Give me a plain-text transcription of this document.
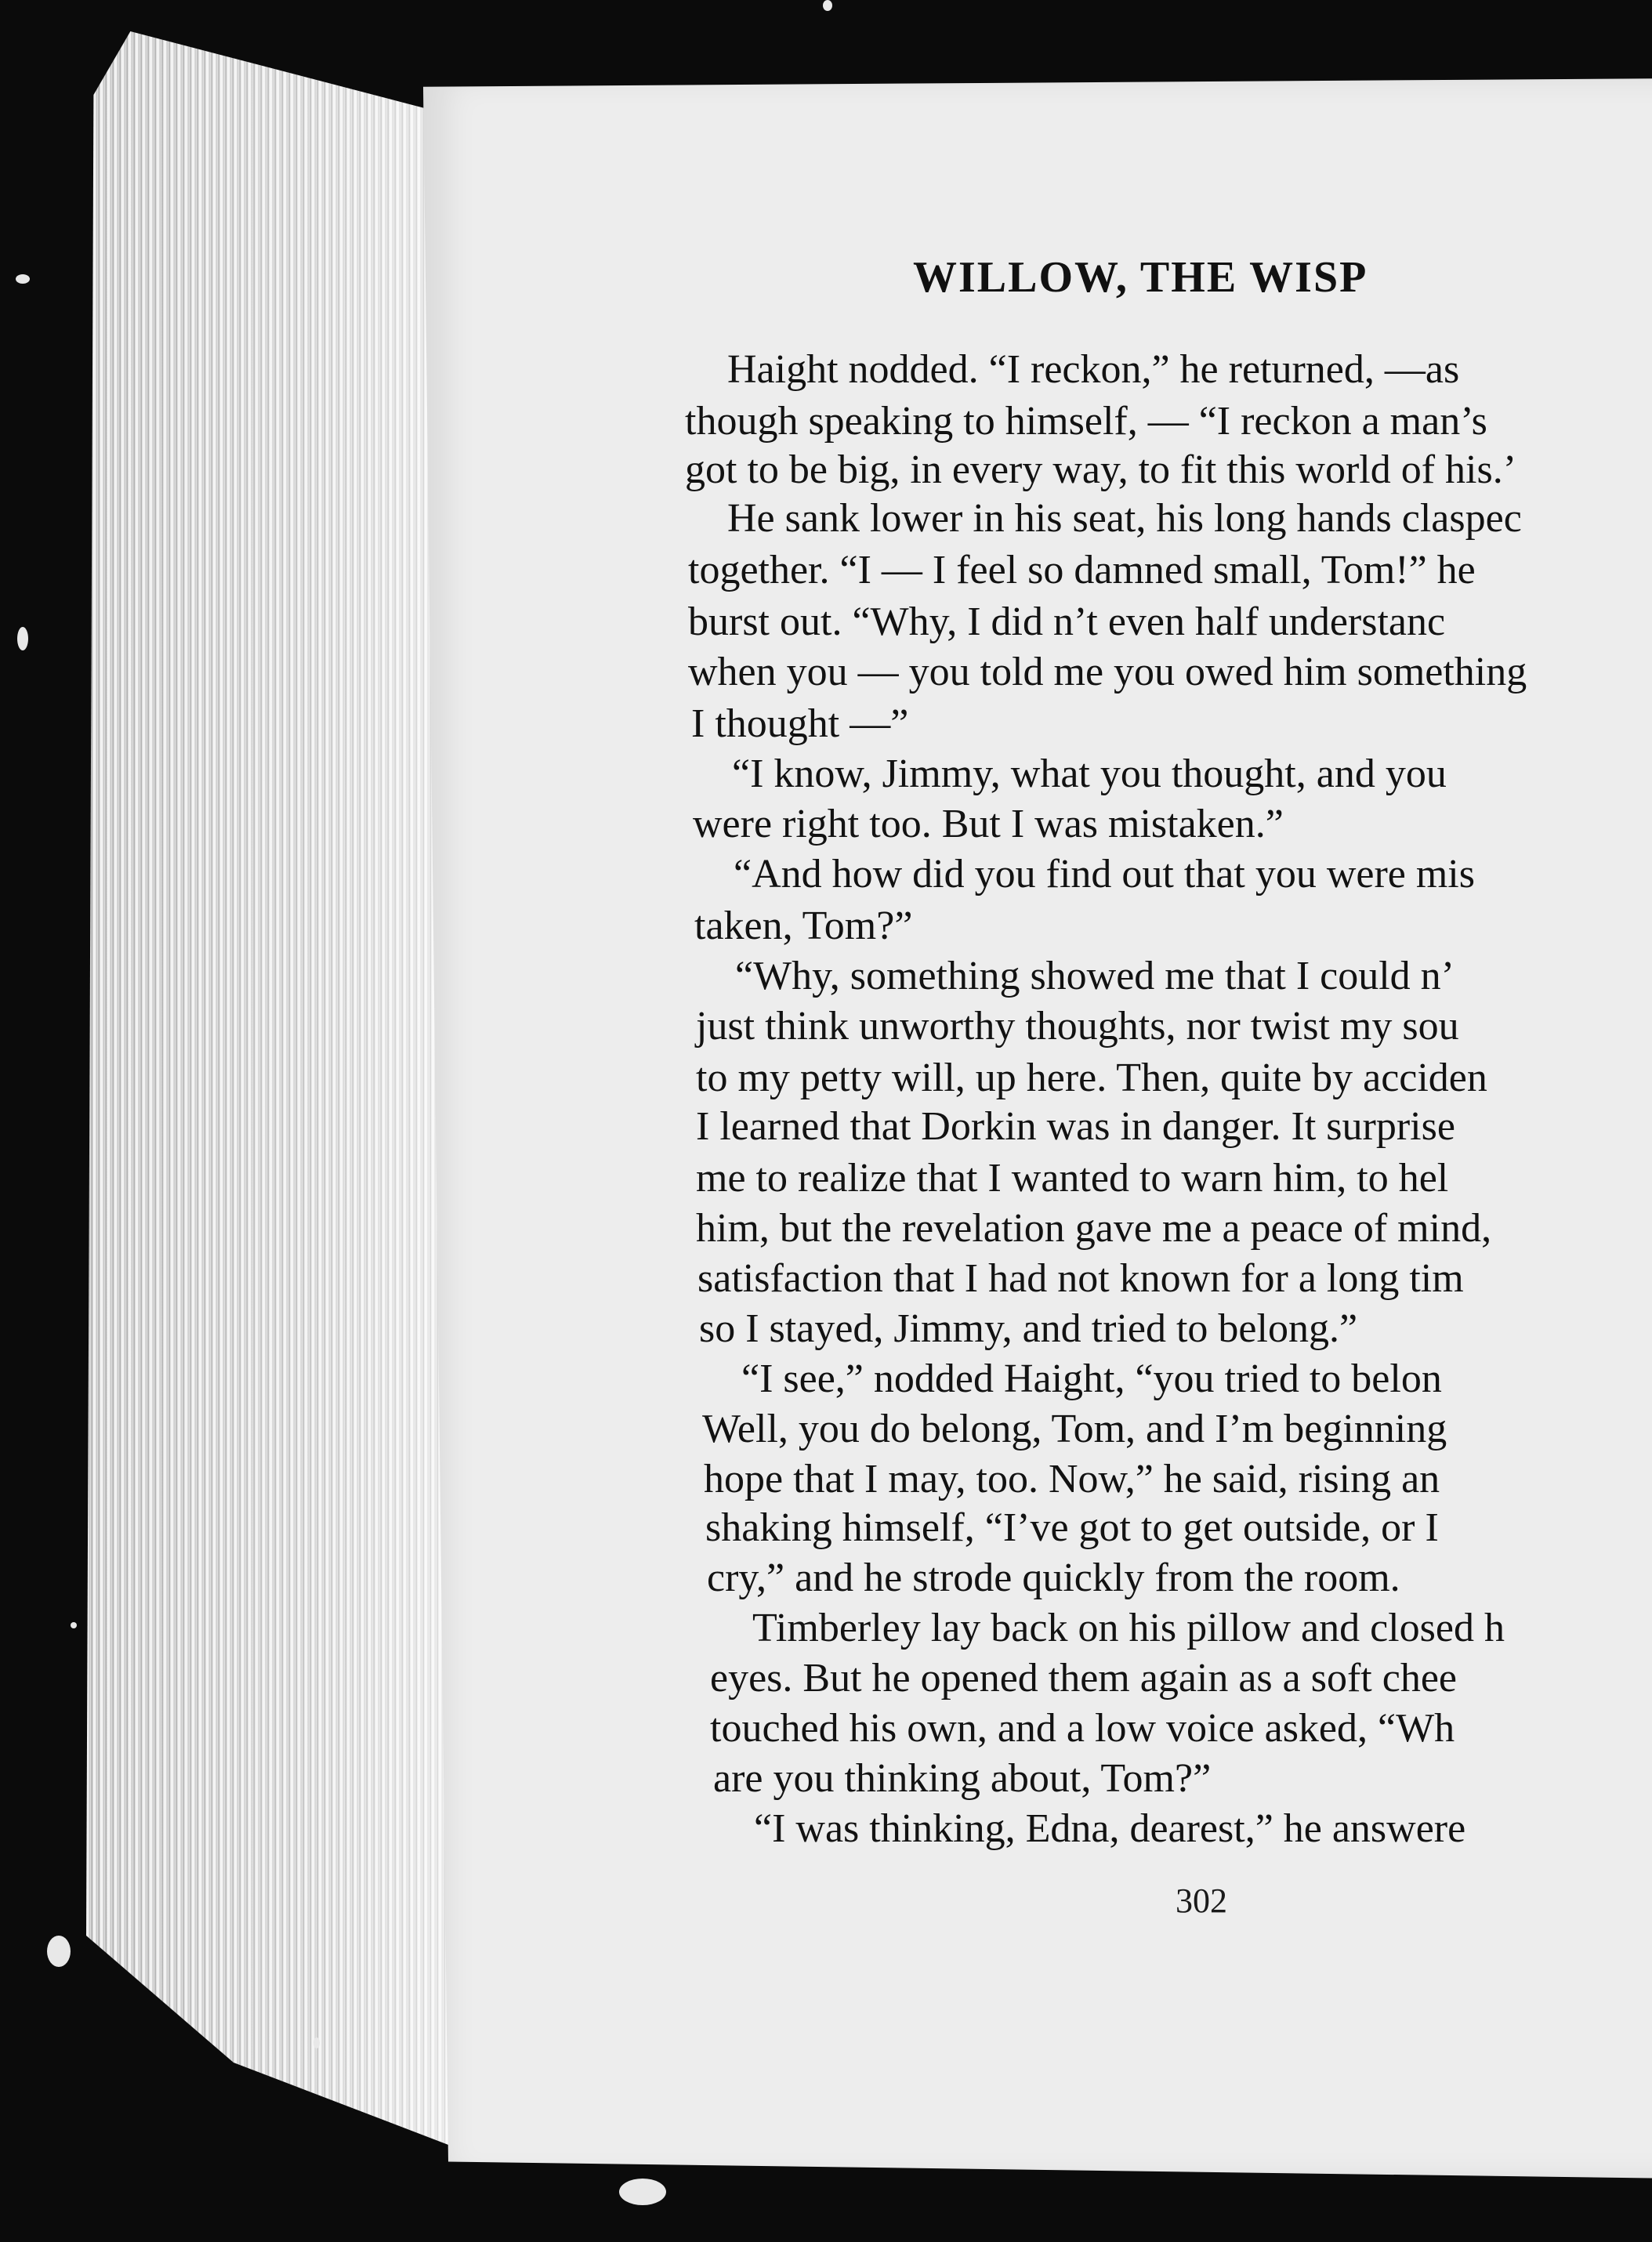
WILLOW, THE WISP
Haight nodded. “I reckon,” he returned, —as
though speaking to himself, — “I reckon a man’s
got to be big, in every way, to fit this world of his.’
He sank lower in his seat, his long hands claspec
together. “I — I feel so damned small, Tom!” he
burst out. “Why, I did n’t even half understanc
when you — you told me you owed him something
I thought —”
“I know, Jimmy, what you thought, and you
were right too. But I was mistaken.”
“And how did you find out that you were mis
taken, Tom?”
“Why, something showed me that I could n’
just think unworthy thoughts, nor twist my sou
to my petty will, up here. Then, quite by acciden
I learned that Dorkin was in danger. It surprise
me to realize that I wanted to warn him, to hel
him, but the revelation gave me a peace of mind,
satisfaction that I had not known for a long tim
so I stayed, Jimmy, and tried to belong.”
“I see,” nodded Haight, “you tried to belon
Well, you do belong, Tom, and I’m beginning
hope that I may, too. Now,” he said, rising an
shaking himself, “I’ve got to get outside, or I
cry,” and he strode quickly from the room.
Timberley lay back on his pillow and closed h
eyes. But he opened them again as a soft chee
touched his own, and a low voice asked, “Wh
are you thinking about, Tom?”
“I was thinking, Edna, dearest,” he answere
302
